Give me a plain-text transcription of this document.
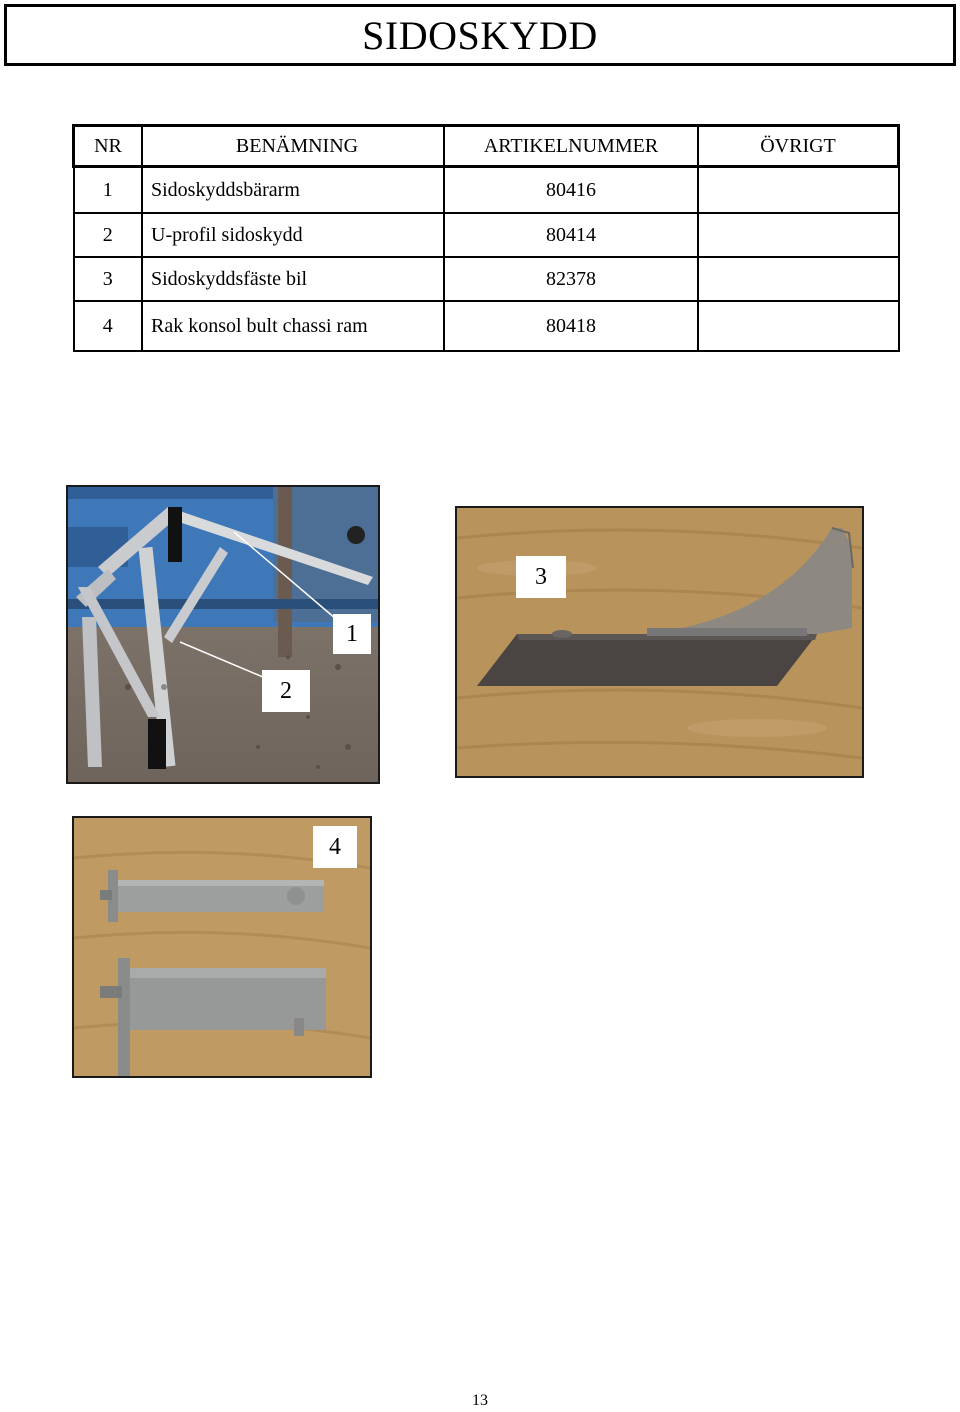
SIDOSKYDD
NR	BENÄMNING	ARTIKELNUMMER	ÖVRIGT
1	Sidoskyddsbärarm	80416	
2	U-profil sidoskydd	80414	
3	Sidoskyddsfäste bil	82378	
4	Rak konsol bult chassi ram	80418	
1
2
3
4
13
